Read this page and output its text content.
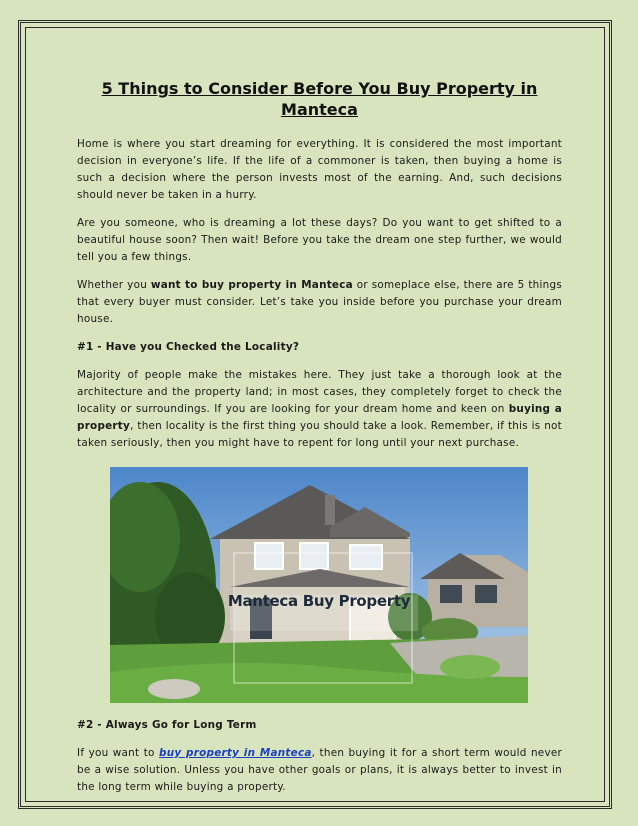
5 Things to Consider Before You Buy Property in Manteca

Home is where you start dreaming for everything. It is considered the most important decision in everyone’s life. If the life of a commoner is taken, then buying a home is such a decision where the person invests most of the earning. And, such decisions should never be taken in a hurry.

Are you someone, who is dreaming a lot these days? Do you want to get shifted to a beautiful house soon? Then wait! Before you take the dream one step further, we would tell you a few things.

Whether you want to buy property in Manteca or someplace else, there are 5 things that every buyer must consider. Let’s take you inside before you purchase your dream house.

#1 - Have you Checked the Locality?

Majority of people make the mistakes here. They just take a thorough look at the architecture and the property land; in most cases, they completely forget to check the locality or surroundings. If you are looking for your dream home and keen on buying a property, then locality is the first thing you should take a look. Remember, if this is not taken seriously, then you might have to repent for long until your next purchase.

Manteca Buy Property

#2 - Always Go for Long Term

If you want to buy property in Manteca, then buying it for a short term would never be a wise solution. Unless you have other goals or plans, it is always better to invest in the long term while buying a property.
